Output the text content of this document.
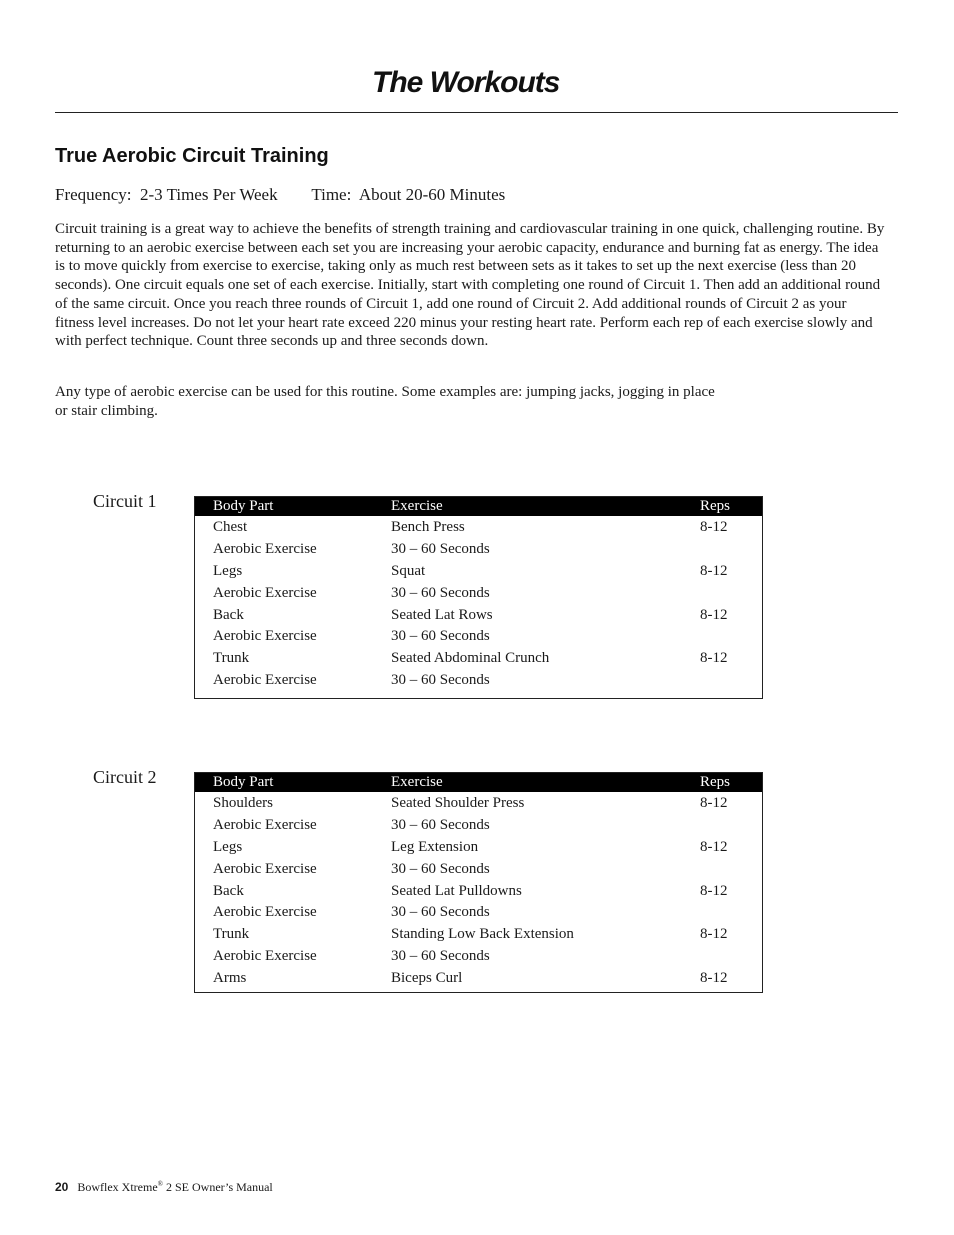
The Workouts
True Aerobic Circuit Training
Frequency:  2-3 Times Per Week Time:  About 20-60 Minutes

Circuit training is a great way to achieve the benefits of strength training and cardiovascular training in one quick, challenging routine. By returning to an aerobic exercise between each set you are increasing your aerobic capacity, endurance and burning fat as energy. The idea is to move quickly from exercise to exercise, taking only as much rest between sets as it takes to set up the next exercise (less than 20 seconds). One circuit equals one set of each exercise. Initially, start with completing one round of Circuit 1. Then add an additional round of the same circuit. Once you reach three rounds of Circuit 1, add one round of Circuit 2. Add additional rounds of Circuit 2 as your fitness level increases. Do not let your heart rate exceed 220 minus your resting heart rate. Perform each rep of each exercise slowly and with perfect technique. Count three seconds up and three seconds down.

Any type of aerobic exercise can be used for this routine. Some examples are: jumping jacks, jogging in place
or stair climbing.

Circuit 1	Body Part	Exercise	Reps
Chest	Bench Press	8-12
Aerobic Exercise	30 – 60 Seconds
Legs	Squat	8-12
Aerobic Exercise	30 – 60 Seconds
Back	Seated Lat Rows	8-12
Aerobic Exercise	30 – 60 Seconds
Trunk	Seated Abdominal Crunch	8-12
Aerobic Exercise	30 – 60 Seconds
Circuit 2	Body Part	Exercise	Reps
Shoulders	Seated Shoulder Press	8-12
Aerobic Exercise	30 – 60 Seconds
Legs	Leg Extension	8-12
Aerobic Exercise	30 – 60 Seconds
Back	Seated Lat Pulldowns	8-12
Aerobic Exercise	30 – 60 Seconds
Trunk	Standing Low Back Extension	8-12
Aerobic Exercise	30 – 60 Seconds
Arms	Biceps Curl	8-12
20 Bowflex Xtreme® 2 SE Owner’s Manual
